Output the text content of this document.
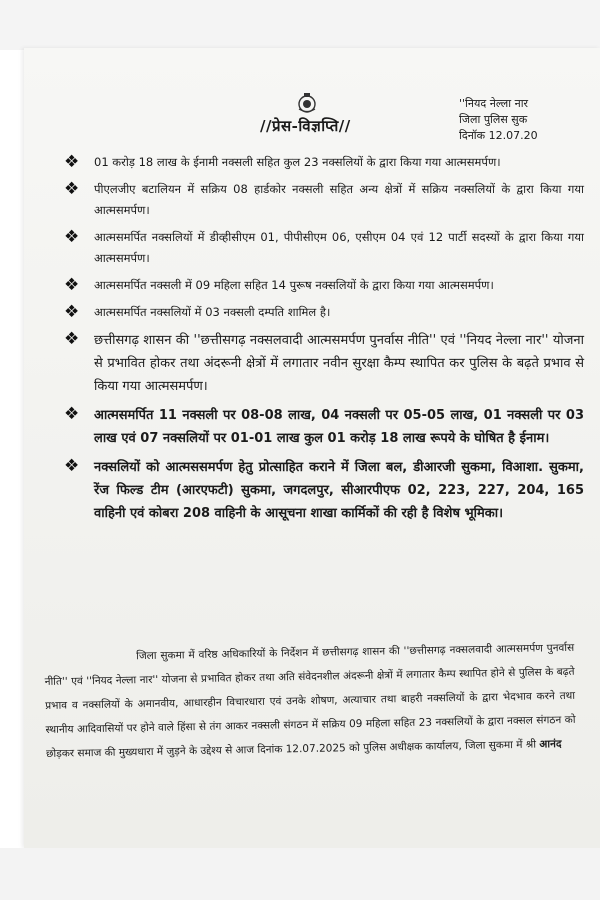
//प्रेस-विज्ञप्ति//
''नियद नेल्ला नार
जिला पुलिस सुक
दिनॉक 12.07.20
❖ 01 करोड़ 18 लाख के ईनामी नक्सली सहित कुल 23 नक्सलियों के द्वारा किया गया आत्मसमर्पण।
❖ पीएलजीए बटालियन में सक्रिय 08 हार्डकोर नक्सली सहित अन्य क्षेत्रों में सक्रिय नक्सलियों के द्वारा किया गया आत्मसमर्पण।
❖ आत्मसमर्पित नक्सलियों में डीव्हीसीएम 01, पीपीसीएम 06, एसीएम 04 एवं 12 पार्टी सदस्यों के द्वारा किया गया आत्मसमर्पण।
❖ आत्मसमर्पित नक्सली में 09 महिला सहित 14 पुरूष नक्सलियों के द्वारा किया गया आत्मसमर्पण।
❖ आत्मसमर्पित नक्सलियों में 03 नक्सली दम्पति शामिल है।
❖ छत्तीसगढ़ शासन की ''छत्तीसगढ़ नक्सलवादी आत्मसमर्पण पुनर्वास नीति'' एवं ''नियद नेल्ला नार'' योजना से प्रभावित होकर तथा अंदरूनी क्षेत्रों में लगातार नवीन सुरक्षा कैम्प स्थापित कर पुलिस के बढ़ते प्रभाव से किया गया आत्मसमर्पण।
❖ आत्मसमर्पित 11 नक्सली पर 08-08 लाख, 04 नक्सली पर 05-05 लाख, 01 नक्सली पर 03 लाख एवं 07 नक्सलियों पर 01-01 लाख कुल 01 करोड़ 18 लाख रूपये के घोषित है ईनाम।
❖ नक्सलियों को आत्मससमर्पण हेतु प्रोत्साहित कराने में जिला बल, डीआरजी सुकमा, विआशा. सुकमा, रेंज फिल्ड टीम (आरएफटी) सुकमा, जगदलपुर, सीआरपीएफ 02, 223, 227, 204, 165 वाहिनी एवं कोबरा 208 वाहिनी के आसूचना शाखा कार्मिकों की रही है विशेष भूमिका।
जिला सुकमा में वरिष्ठ अधिकारियों के निर्देशन में छत्तीसगढ़ शासन की ''छत्तीसगढ़ नक्सलवादी आत्मसमर्पण पुनर्वास नीति'' एवं ''नियद नेल्ला नार'' योजना से प्रभावित होकर तथा अति संवेदनशील अंदरूनी क्षेत्रों में लगातार कैम्प स्थापित होने से पुलिस के बढ़ते प्रभाव व नक्सलियों के अमानवीय, आधारहीन विचारधारा एवं उनके शोषण, अत्याचार तथा बाहरी नक्सलियों के द्वारा भेदभाव करने तथा स्थानीय आदिवासियों पर होने वाले हिंसा से तंग आकर नक्सली संगठन में सक्रिय 09 महिला सहित 23 नक्सलियों के द्वारा नक्सल संगठन को छोड़कर समाज की मुख्यधारा में जुड़ने के उद्देश्य से आज दिनांक 12.07.2025 को पुलिस अधीक्षक कार्यालय, जिला सुकमा में श्री आनंद
